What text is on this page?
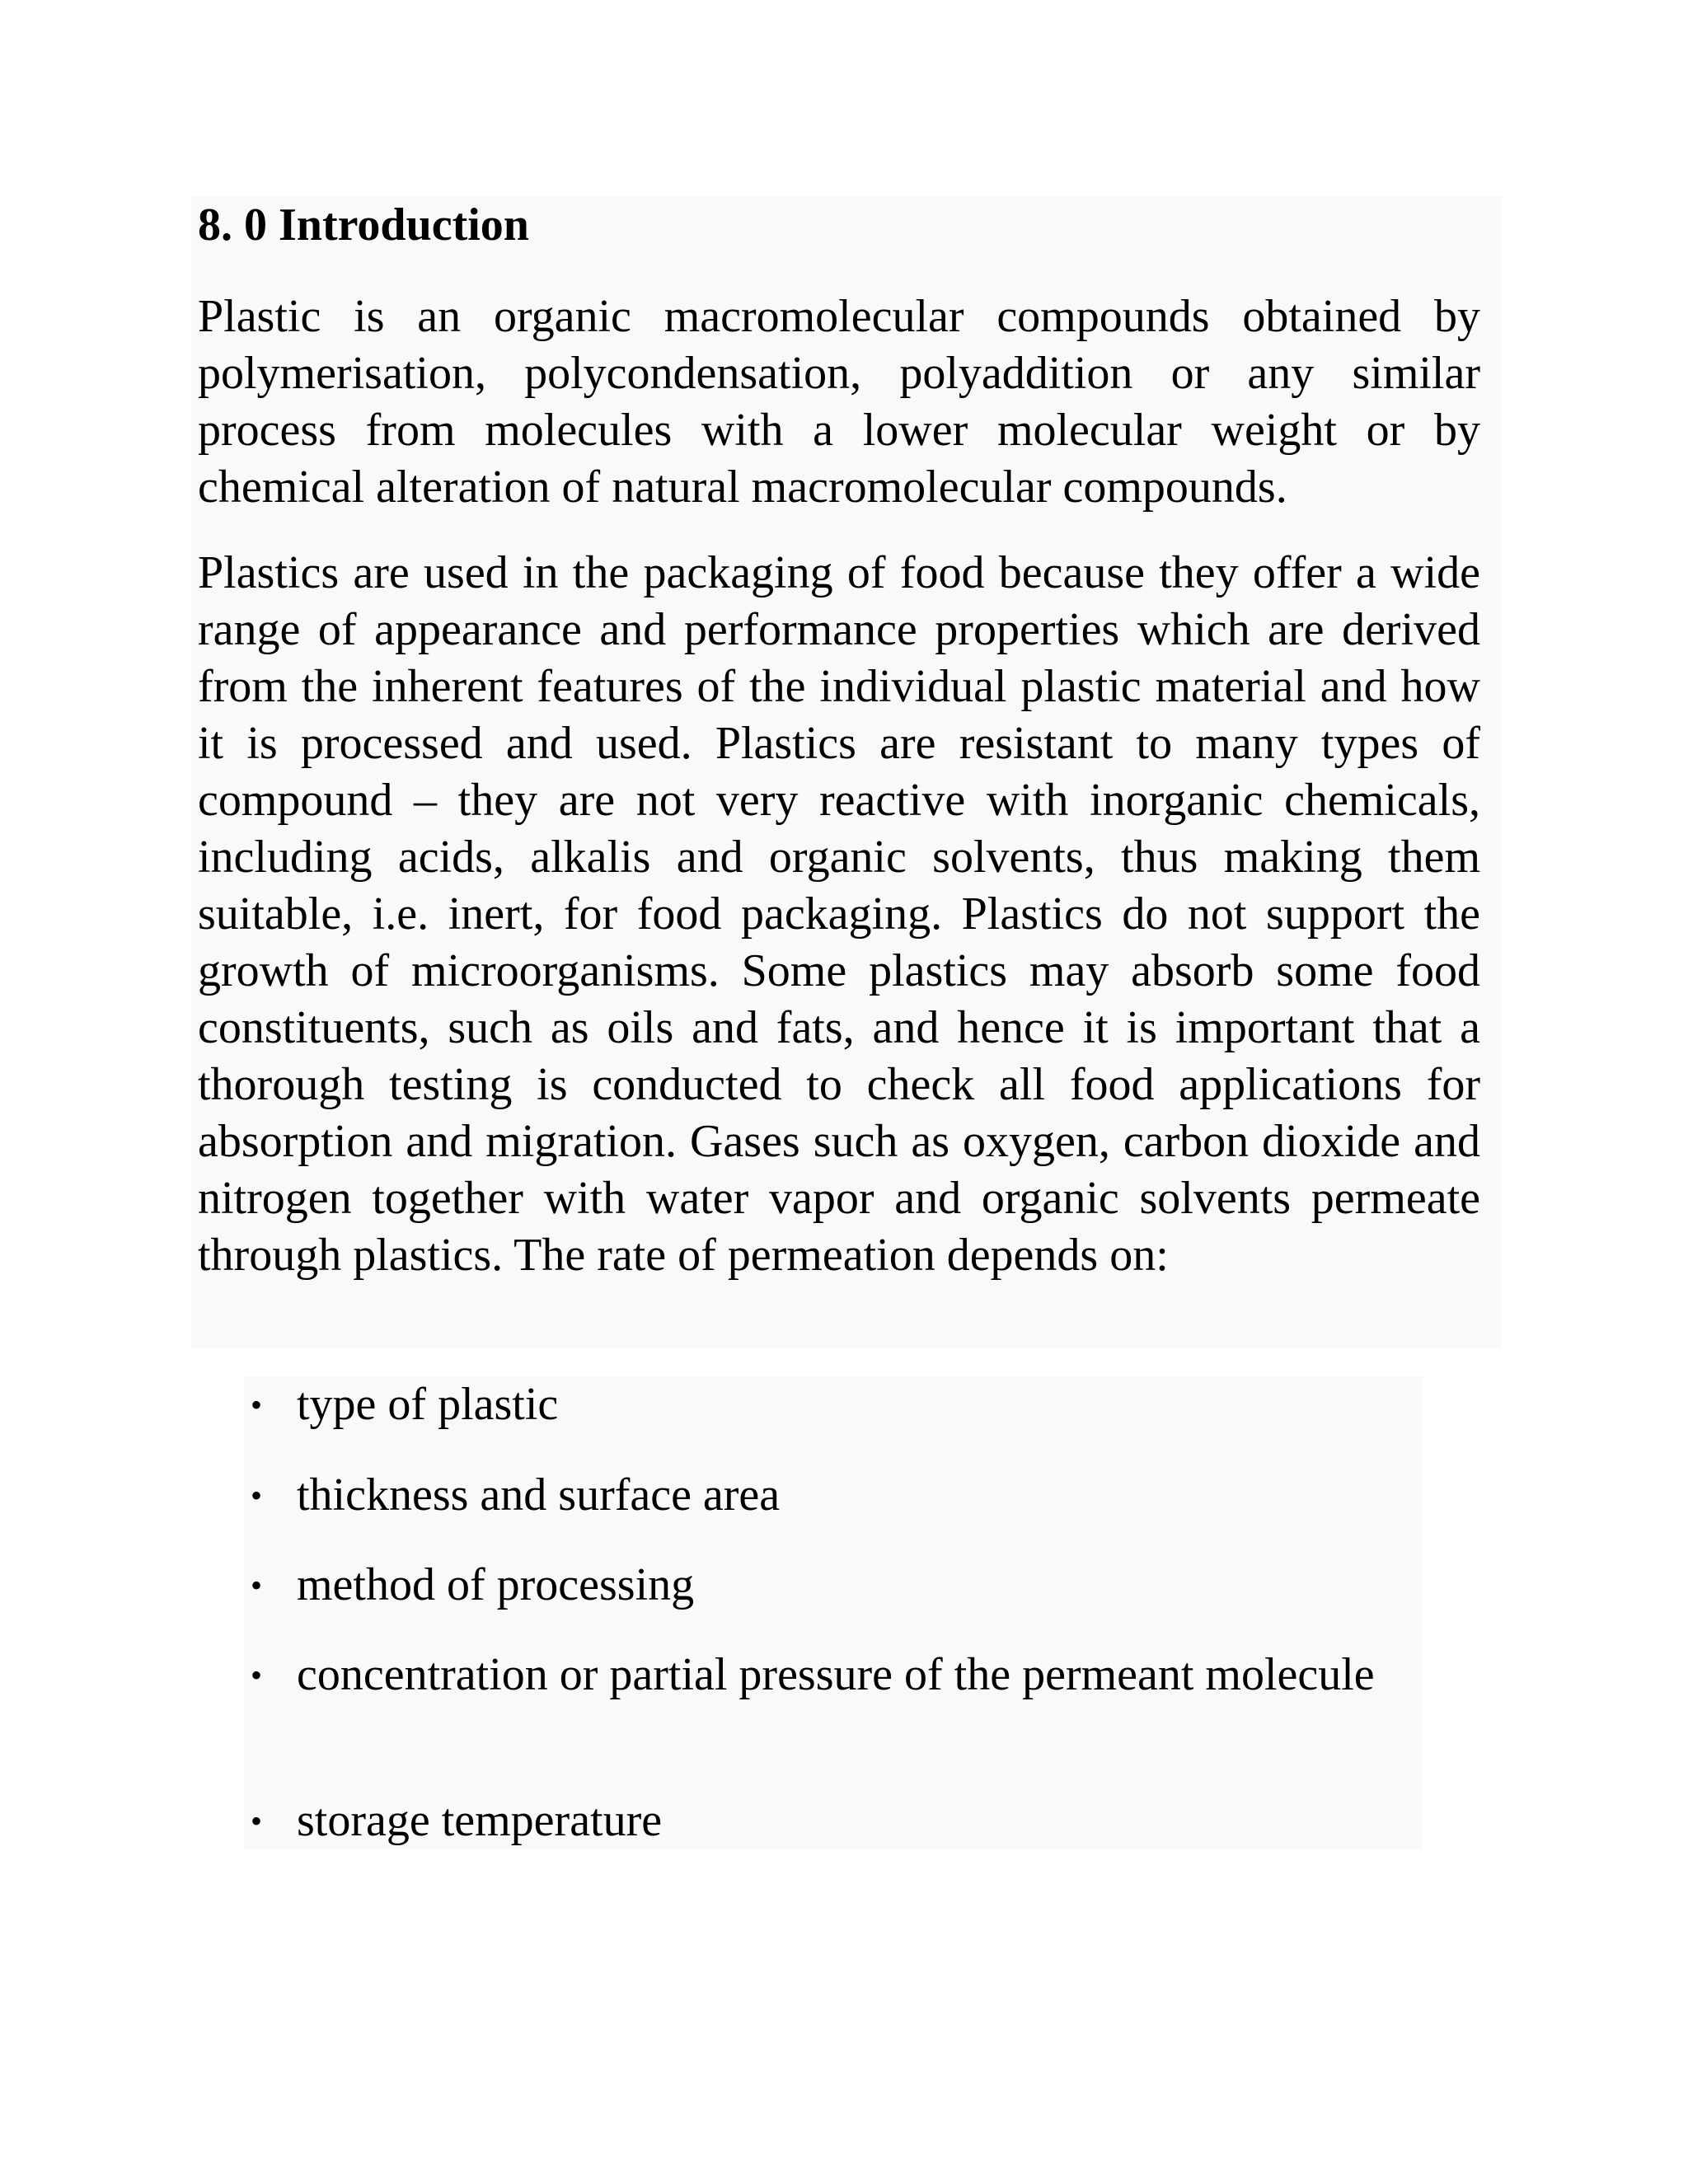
8. 0 Introduction

Plastic is an organic macromolecular compounds obtained by polymerisation, polycondensation, polyaddition or any similar process from molecules with a lower molecular weight or by chemical alteration of natural macromolecular compounds.

Plastics are used in the packaging of food because they offer a wide range of appearance and performance properties which are derived from the inherent features of the individual plastic material and how it is processed and used. Plastics are resistant to many types of compound – they are not very reactive with inorganic chemicals, including acids, alkalis and organic solvents, thus making them suitable, i.e. inert, for food packaging. Plastics do not support the growth of microorganisms. Some plastics may absorb some food constituents, such as oils and fats, and hence it is important that a thorough testing is conducted to check all food applications for absorption and migration. Gases such as oxygen, carbon dioxide and nitrogen together with water vapor and organic solvents permeate through plastics. The rate of permeation depends on:

• type of plastic
• thickness and surface area
• method of processing
• concentration or partial pressure of the permeant molecule
• storage temperature
